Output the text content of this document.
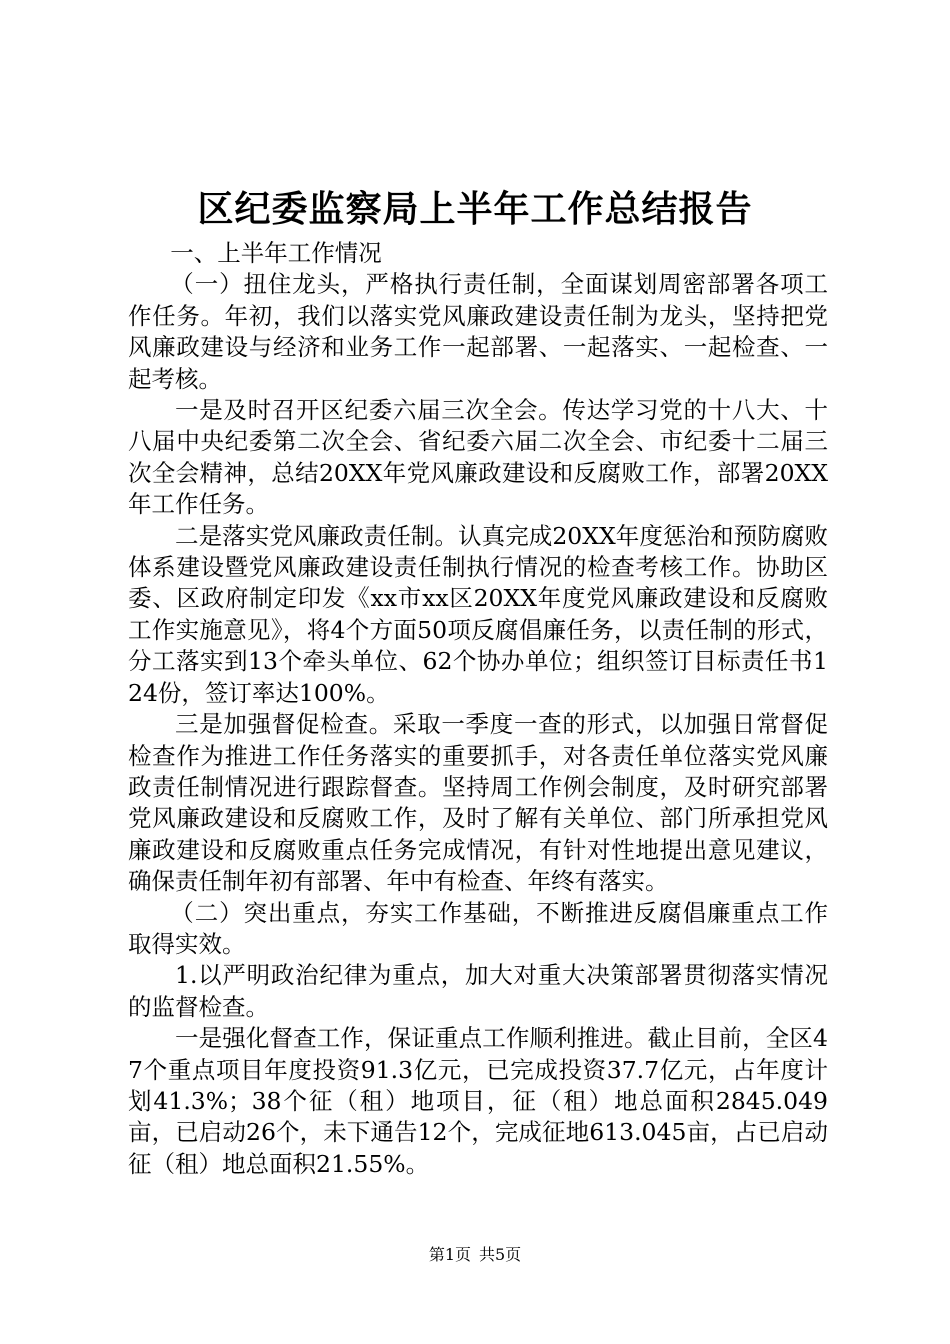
区纪委监察局上半年工作总结报告

一、上半年工作情况

（一）扭住龙头，严格执行责任制，全面谋划周密部署各项工作任务。年初，我们以落实党风廉政建设责任制为龙头，坚持把党风廉政建设与经济和业务工作一起部署、一起落实、一起检查、一起考核。

一是及时召开区纪委六届三次全会。传达学习党的十八大、十八届中央纪委第二次全会、省纪委六届二次全会、市纪委十二届三次全会精神，总结20XX年党风廉政建设和反腐败工作，部署20XX年工作任务。

二是落实党风廉政责任制。认真完成20XX年度惩治和预防腐败体系建设暨党风廉政建设责任制执行情况的检查考核工作。协助区委、区政府制定印发《xx市xx区20XX年度党风廉政建设和反腐败工作实施意见》，将4个方面50项反腐倡廉任务，以责任制的形式，分工落实到13个牵头单位、62个协办单位；组织签订目标责任书124份，签订率达100%。

三是加强督促检查。采取一季度一查的形式，以加强日常督促检查作为推进工作任务落实的重要抓手，对各责任单位落实党风廉政责任制情况进行跟踪督查。坚持周工作例会制度，及时研究部署党风廉政建设和反腐败工作，及时了解有关单位、部门所承担党风廉政建设和反腐败重点任务完成情况，有针对性地提出意见建议，确保责任制年初有部署、年中有检查、年终有落实。

（二）突出重点，夯实工作基础，不断推进反腐倡廉重点工作取得实效。

1.以严明政治纪律为重点，加大对重大决策部署贯彻落实情况的监督检查。

一是强化督查工作，保证重点工作顺利推进。截止目前，全区47个重点项目年度投资91.3亿元，已完成投资37.7亿元，占年度计划41.3%；38个征（租）地项目，征（租）地总面积2845.049亩，已启动26个，未下通告12个，完成征地613.045亩，占已启动征（租）地总面积21.55%。

第1页 共5页
